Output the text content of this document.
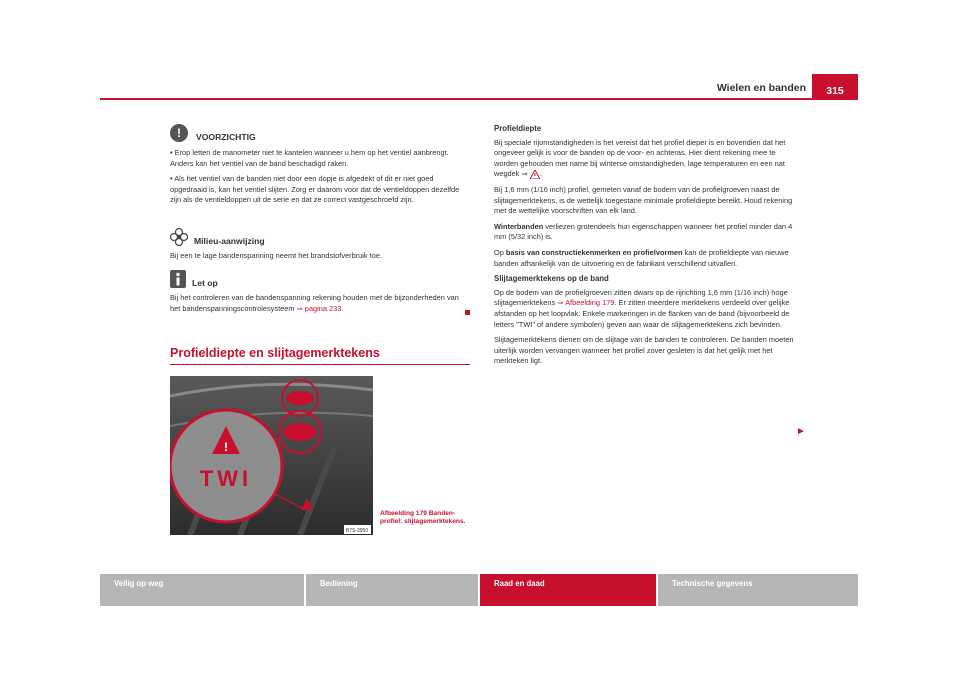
Wielen en banden	315
!	VOORZICHTIG

• Erop letten de manometer niet te kantelen wanneer u hem op het ventiel aanbrengt. Anders kan het ventiel van de band beschadigd raken.

• Als het ventiel van de banden niet door een dopje is afgedekt of dit er niet goed opgedraaid is, kan het ventiel slijten. Zorg er daarom voor dat de ventieldoppen dezelfde zijn als de ventieldoppen uit de serie en dat ze correct vastgeschroefd zijn.

Milieu-aanwijzing
Bij een te lage bandenspanning neemt het brandstofverbruik toe.
Let op
Bij het controleren van de bandenspanning rekening houden met de bijzonderheden van het bandenspanningscontrolesysteem ⇒ pagina 233.
Profieldiepte en slijtagemerktekens
!
TWI
B7S-3950
Afbeelding 179 Banden-profiel: slijtagemerktekens.

Profieldiepte

Bij speciale rijomstandigheden is het vereist dat het profiel dieper is en bovendien dat het ongeveer gelijk is voor de banden op de voor- en achteras. Hier dient rekening mee te worden gehouden met name bij winterse omstandigheden, lage temperaturen en een nat wegdek ⇒ .

Bij 1,6 mm (1/16 inch) profiel, gemeten vanaf de bodem van de profielgroeven naast de slijtagemerktekens, is de wettelijk toegestane minimale profieldiepte bereikt. Houd rekening met de wettelijke voorschriften van elk land.

Winterbanden verliezen grotendeels hun eigenschappen wanneer het profiel minder dan 4 mm (5/32 inch) is.

Op basis van constructiekenmerken en profielvormen kan de profieldiepte van nieuwe banden afhankelijk van de uitvoering en de fabrikant verschillend uitvallen.

Slijtagemerktekens op de band

Op de bodem van de profielgroeven zitten dwars op de rijrichting 1,6 mm (1/16 inch) hoge slijtagemerktekens ⇒ Afbeelding 179. Er zitten meerdere merktekens verdeeld over gelijke afstanden op het loopvlak. Enkele markeringen in de flanken van de band (bijvoorbeeld de letters "TWI" of andere symbolen) geven aan waar de slijtagemerktekens zich bevinden.

Slijtagemerktekens dienen om de slijtage van de banden te controleren. De banden moeten uiterlijk worden vervangen wanneer het profiel zover gesleten is dat het gelijk met het merkteken ligt.

►
Veilig op weg	Bediening	Raad en daad	Technische gegevens
